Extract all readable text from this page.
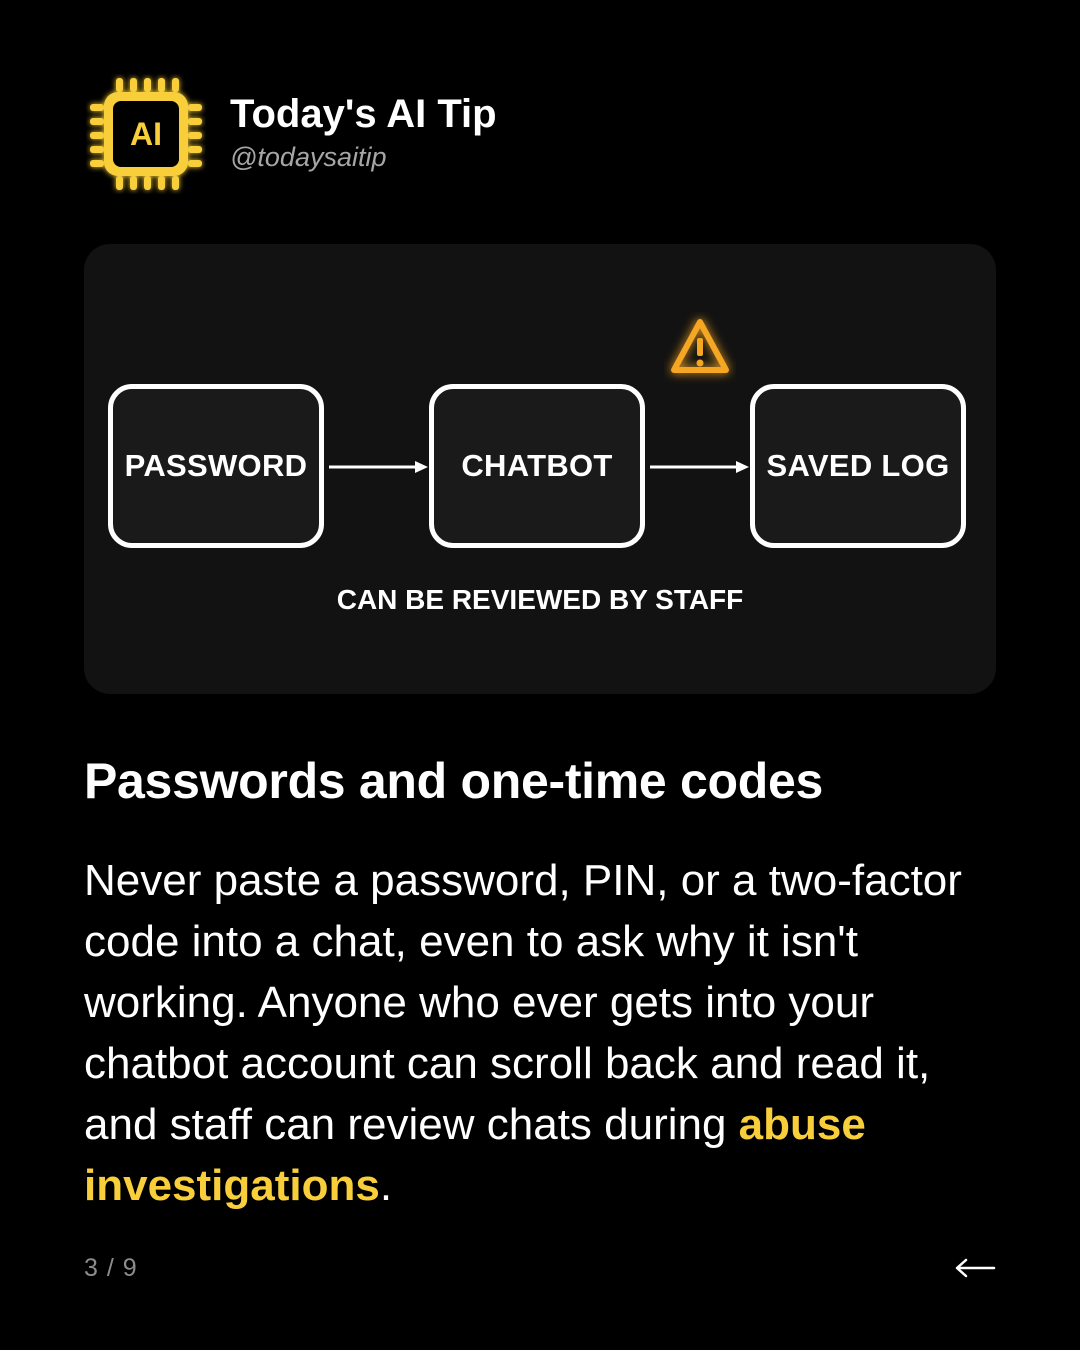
AI Today's AI Tip
@todaysaitip
PASSWORD	CHATBOT	SAVED LOG
CAN BE REVIEWED BY STAFF
Passwords and one-time codes
Never paste a password, PIN, or a two-factor code into a chat, even to ask why it isn't working. Anyone who ever gets into your chatbot account can scroll back and read it, and staff can review chats during abuse investigations.
3 / 9
